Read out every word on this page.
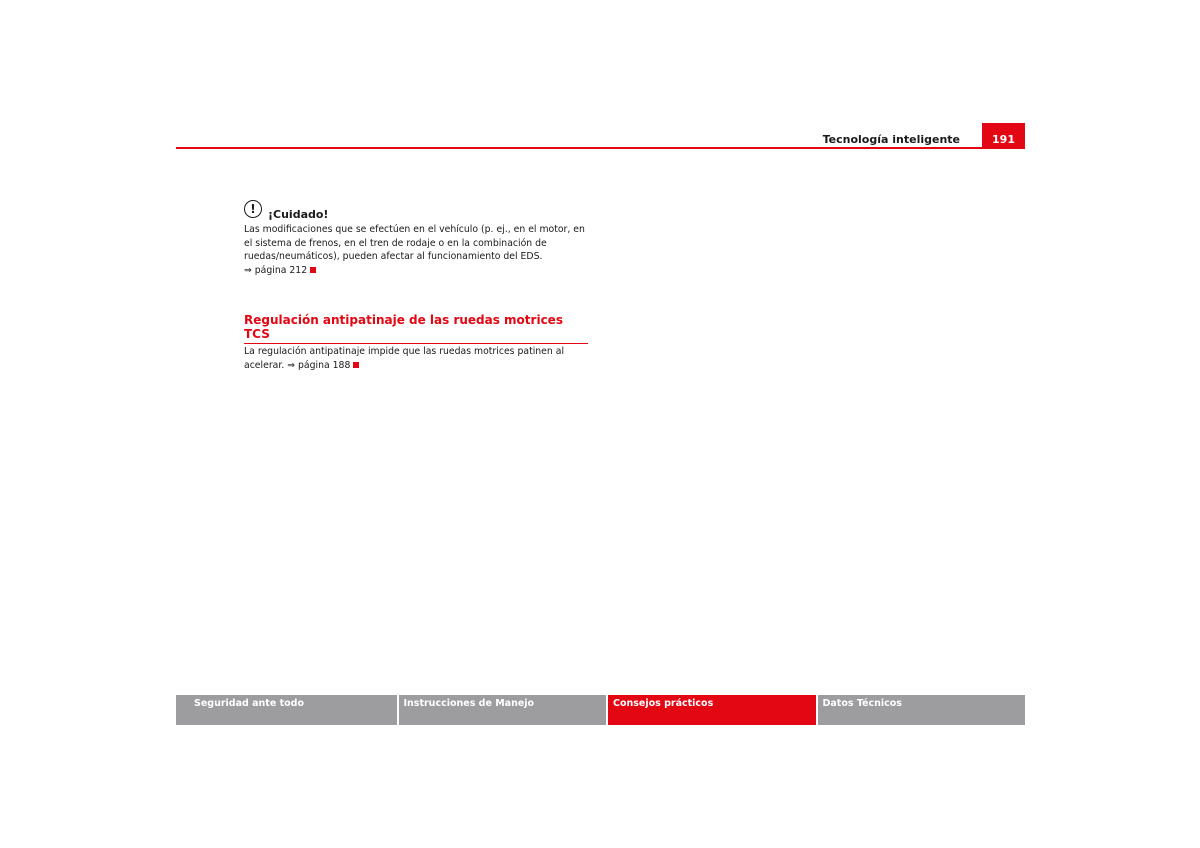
Tecnología inteligente	191
!	¡Cuidado!
Las modificaciones que se efectúen en el vehículo (p. ej., en el motor, en el sistema de frenos, en el tren de rodaje o en la combinación de ruedas/neumáticos), pueden afectar al funcionamiento del EDS.
⇒ página 212
Regulación antipatinaje de las ruedas motrices TCS
La regulación antipatinaje impide que las ruedas motrices patinen al acelerar. ⇒ página 188
Seguridad ante todo	Instrucciones de Manejo	Consejos prácticos	Datos Técnicos
